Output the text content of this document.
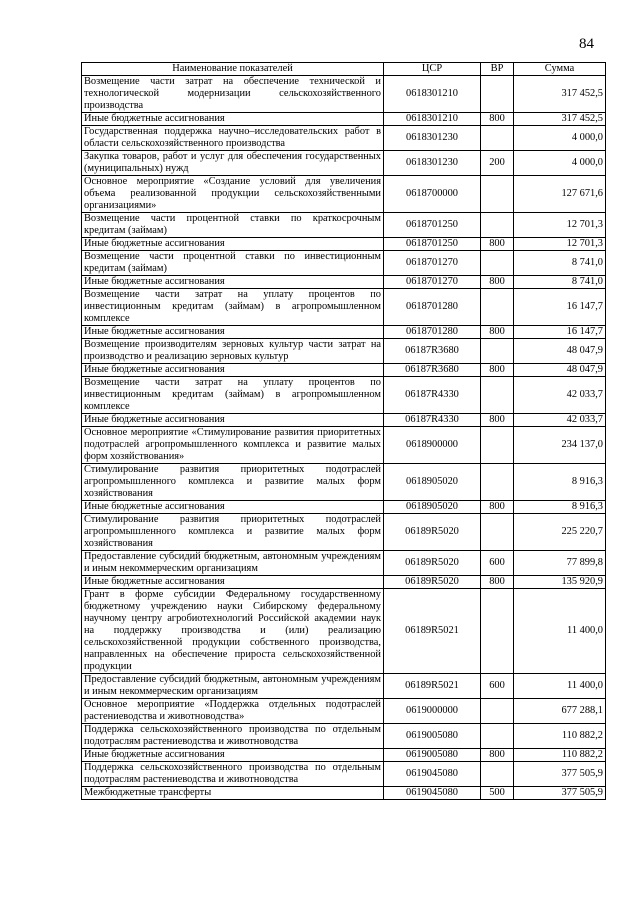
84
Наименование показателей	ЦСР	ВР	Сумма
Возмещение части затрат на обеспечение технической и технологической модернизации сельскохозяйственного производства	0618301210		317 452,5
Иные бюджетные ассигнования	0618301210	800	317 452,5
Государственная поддержка научно–исследовательских работ в области сельскохозяйственного производства	0618301230		4 000,0
Закупка товаров, работ и услуг для обеспечения государственных (муниципальных) нужд	0618301230	200	4 000,0
Основное мероприятие «Создание условий для увеличения объема реализованной продукции сельскохозяйственными организациями»	0618700000		127 671,6
Возмещение части процентной ставки по краткосрочным кредитам (займам)	0618701250		12 701,3
Иные бюджетные ассигнования	0618701250	800	12 701,3
Возмещение части процентной ставки по инвестиционным кредитам (займам)	0618701270		8 741,0
Иные бюджетные ассигнования	0618701270	800	8 741,0
Возмещение части затрат на уплату процентов по инвестиционным кредитам (займам) в агропромышленном комплексе	0618701280		16 147,7
Иные бюджетные ассигнования	0618701280	800	16 147,7
Возмещение производителям зерновых культур части затрат на производство и реализацию зерновых культур	06187R3680		48 047,9
Иные бюджетные ассигнования	06187R3680	800	48 047,9
Возмещение части затрат на уплату процентов по инвестиционным кредитам (займам) в агропромышленном комплексе	06187R4330		42 033,7
Иные бюджетные ассигнования	06187R4330	800	42 033,7
Основное мероприятие «Стимулирование развития приоритетных подотраслей агропромышленного комплекса и развитие малых форм хозяйствования»	0618900000		234 137,0
Стимулирование развития приоритетных подотраслей агропромышленного комплекса и развитие малых форм хозяйствования	0618905020		8 916,3
Иные бюджетные ассигнования	0618905020	800	8 916,3
Стимулирование развития приоритетных подотраслей агропромышленного комплекса и развитие малых форм хозяйствования	06189R5020		225 220,7
Предоставление субсидий бюджетным, автономным учреждениям и иным некоммерческим организациям	06189R5020	600	77 899,8
Иные бюджетные ассигнования	06189R5020	800	135 920,9
Грант в форме субсидии Федеральному государственному бюджетному учреждению науки Сибирскому федеральному научному центру агробиотехнологий Российской академии наук на поддержку производства и (или) реализацию сельскохозяйственной продукции собственного производства, направленных на обеспечение прироста сельскохозяйственной продукции	06189R5021		11 400,0
Предоставление субсидий бюджетным, автономным учреждениям и иным некоммерческим организациям	06189R5021	600	11 400,0
Основное мероприятие «Поддержка отдельных подотраслей растениеводства и животноводства»	0619000000		677 288,1
Поддержка сельскохозяйственного производства по отдельным подотраслям растениеводства и животноводства	0619005080		110 882,2
Иные бюджетные ассигнования	0619005080	800	110 882,2
Поддержка сельскохозяйственного производства по отдельным подотраслям растениеводства и животноводства	0619045080		377 505,9
Межбюджетные трансферты	0619045080	500	377 505,9
